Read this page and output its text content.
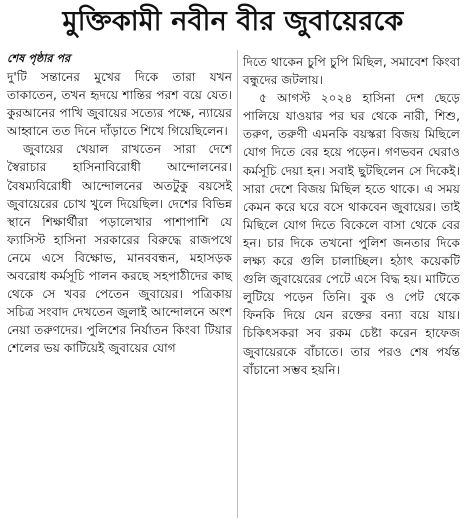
মুক্তিকামী নবীন বীর জুবায়েরকে
শেষ পৃষ্ঠার পর

দু'টি সন্তানের মুখের দিকে তারা যখন তাকাতেন, তখন হৃদয়ে শান্তির পরশ বয়ে যেত। কুরআনের পাখি জুবায়ের সত্যের পক্ষে, ন্যায়ের আহ্বানে তত দিনে দাঁড়াতে শিখে গিয়েছিলেন।

জুবায়ের খেয়াল রাখতেন সারা দেশে স্বৈরাচার হাসিনাবিরোধী আন্দোলনের। বৈষম্যবিরোধী আন্দোলনের অতটুকু বয়সেই জুবায়েরের চোখ খুলে দিয়েছিল। দেশের বিভিন্ন স্থানে শিক্ষার্থীরা পড়ালেখার পাশাপাশি যে ফ্যাসিস্ট হাসিনা সরকারের বিরুদ্ধে রাজপথে নেমে এসে বিক্ষোভ, মানববন্ধন, মহাসড়ক অবরোধ কর্মসূচি পালন করছে সহপাঠীদের কাছ থেকে সে খবর পেতেন জুবায়ের। পত্রিকায় সচিত্র সংবাদ দেখতেন জুলাই আন্দোলনে অংশ নেয়া তরুণদের। পুলিশের নির্যাতন কিংবা টিয়ার শেলের ভয় কাটিয়েই জুবায়ের যোগ

দিতে থাকেন চুপি চুপি মিছিল, সমাবেশ কিংবা বন্ধুদের জটলায়।

৫ আগস্ট ২০২৪ হাসিনা দেশ ছেড়ে পালিয়ে যাওয়ার পর ঘর থেকে নারী, শিশু, তরুণ, তরুণী এমনকি বয়স্করা বিজয় মিছিলে যোগ দিতে বের হয়ে পড়েন। গণভবন ঘেরাও কর্মসূচি দেয়া হন। সবাই ছুটছিলেন সে দিকেই। সারা দেশে বিজয় মিছিল হতে থাকে। এ সময় কেমন করে ঘরে বসে থাকবেন জুবায়ের। তাই মিছিলে যোগ দিতে বিকেলে বাসা থেকে বের হন। চার দিকে তখনো পুলিশ জনতার দিকে লক্ষ্য করে গুলি চালাচ্ছিল। হঠাৎ কয়েকটি গুলি জুবায়েরের পেটে এসে বিদ্ধ হয়। মাটিতে লুটিয়ে পড়েন তিনি। বুক ও পেট থেকে ফিনকি দিয়ে যেন রক্তের বন্যা বয়ে যায়। চিকিৎসকরা সব রকম চেষ্টা করেন হাফেজ জুবায়েরকে বাঁচাতে। তার পরও শেষ পর্যন্ত বাঁচানো সম্ভব হয়নি।
